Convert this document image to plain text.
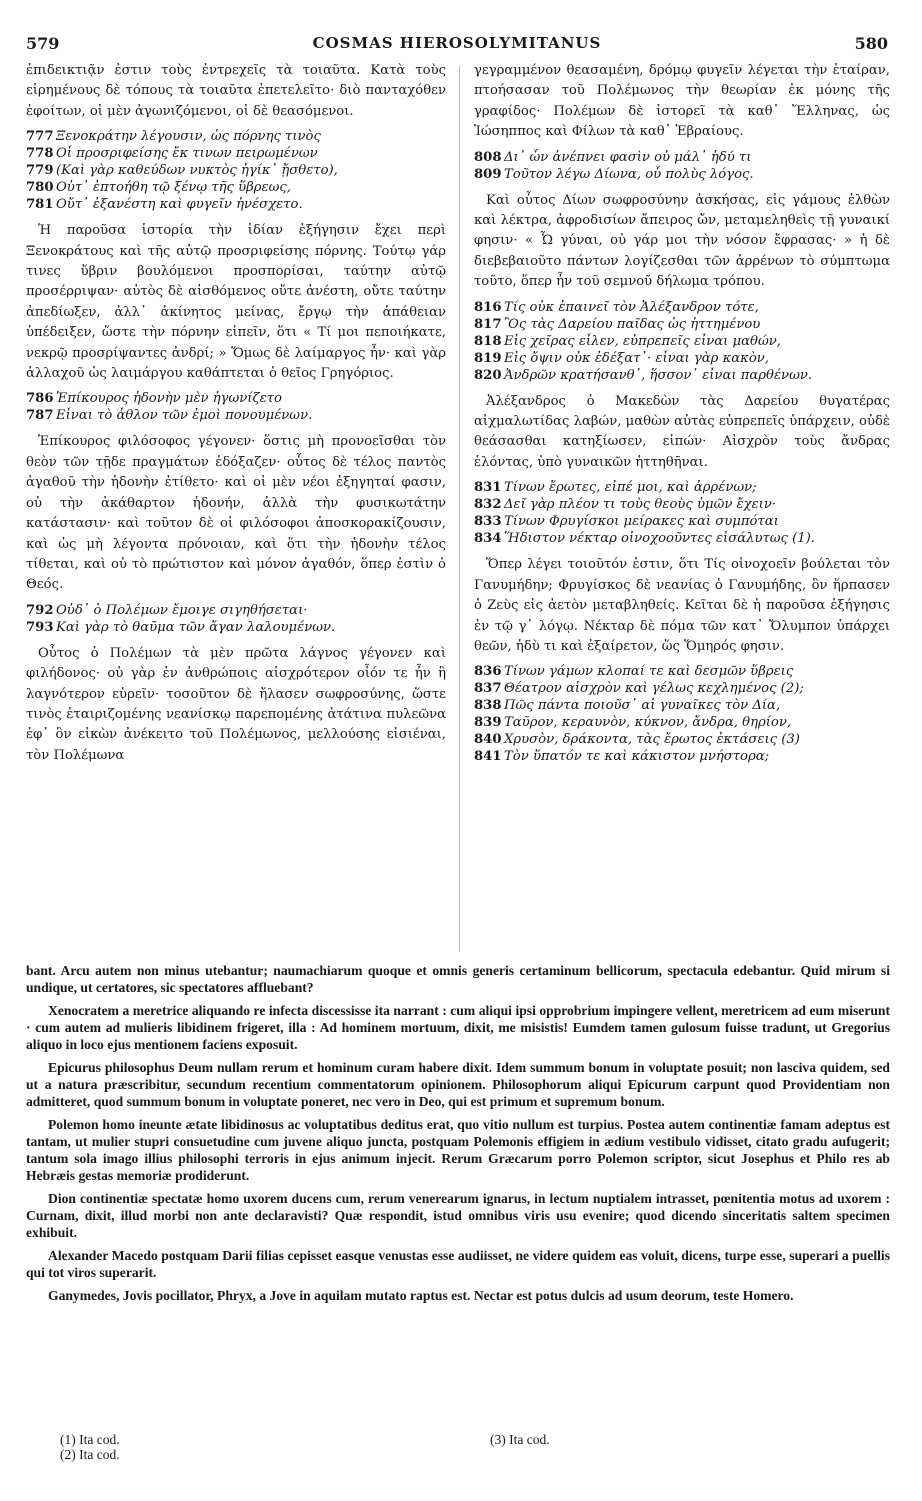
579	COSMAS HIEROSOLYMITANUS	580

ἐπιδεικτιᾷν ἐστιν τοὺς ἐντρεχεῖς τὰ τοιαῦτα. Κατὰ τοὺς εἰρημένους δὲ τόπους τὰ τοιαῦτα ἐπετελεῖτο· διὸ πανταχόθεν ἐφοίτων, οἱ μὲν ἀγωνιζόμενοι, οἱ δὲ θεασόμενοι.

777 Ξενοκράτην λέγουσιν, ὡς πόρνης τινὸς
778 Οἷ προσριφείσης ἔκ τινων πειρωμένων
779 (Καὶ γὰρ καθεύδων νυκτὸς ἠγίκ᾿ ᾔσθετο),
780 Οὐτ᾿ ἐπτοήθη τῷ ξένῳ τῆς ὕβρεως,
781 Οὔτ᾿ ἐξανέστη καὶ φυγεῖν ἠνέσχετο.

Ἡ παροῦσα ἱστορία τὴν ἰδίαν ἐξήγησιν ἔχει περὶ Ξενοκράτους καὶ τῆς αὐτῷ προσριφείσης πόρνης. Τούτῳ γάρ τινες ὕβριν βουλόμενοι προσπορίσαι, ταύτην αὐτῷ προσέρριψαν· αὐτὸς δὲ αἰσθόμενος οὔτε ἀνέστη, οὔτε ταύτην ἀπεδίωξεν, ἀλλ᾿ ἀκίνητος μείνας, ἔργῳ τὴν ἀπάθειαν ὑπέδειξεν, ὥστε τὴν πόρνην εἰπεῖν, ὅτι « Τί μοι πεποιήκατε, νεκρῷ προσρίψαντες ἀνδρί; » Ὅμως δὲ λαίμαργος ἦν· καὶ γὰρ ἀλλαχοῦ ὡς λαιμάργου καθάπτεται ὁ θεῖος Γρηγόριος.

786 Ἐπίκουρος ἡδονὴν μὲν ἠγωνίζετο
787 Εἶναι τὸ ἆθλον τῶν ἐμοὶ πονουμένων.

Ἐπίκουρος φιλόσοφος γέγονεν· ὅστις μὴ προνοεῖσθαι τὸν θεὸν τῶν τῇδε πραγμάτων ἐδόξαζεν· οὗτος δὲ τέλος παντὸς ἀγαθοῦ τὴν ἡδονὴν ἐτίθετο· καὶ οἱ μὲν νέοι ἐξηγηταί φασιν, οὐ τὴν ἀκάθαρτον ἡδονήν, ἀλλὰ τὴν φυσικωτάτην κατάστασιν· καὶ τοῦτον δὲ οἱ φιλόσοφοι ἀποσκορακίζουσιν, καὶ ὡς μὴ λέγοντα πρόνοιαν, καὶ ὅτι τὴν ἡδονὴν τέλος τίθεται, καὶ οὐ τὸ πρώτιστον καὶ μόνον ἀγαθόν, ὅπερ ἐστὶν ὁ Θεός.

792 Οὐδ᾿ ὁ Πολέμων ἔμοιγε σιγηθήσεται·
793 Καὶ γὰρ τὸ θαῦμα τῶν ἄγαν λαλουμένων.

Οὗτος ὁ Πολέμων τὰ μὲν πρῶτα λάγνος γέγονεν καὶ φιλήδονος· οὐ γὰρ ἐν ἀνθρώποις αἰσχρότερον οἷόν τε ἦν ἢ λαγνότερον εὑρεῖν· τοσοῦτον δὲ ἤλασεν σωφροσύνης, ὥστε τινὸς ἑταιριζομένης νεανίσκῳ παρεπομένης ἀτάτινα πυλεῶνα ἐφ᾿ ὃν εἰκὼν ἀνέκειτο τοῦ Πολέμωνος, μελλούσης εἰσιέναι, τὸν Πολέμωνα

γεγραμμένον θεασαμένη, δρόμῳ φυγεῖν λέγεται τὴν ἑταίραν, πτοήσασαν τοῦ Πολέμωνος τὴν θεωρίαν ἐκ μόνης τῆς γραφίδος· Πολέμων δὲ ἱστορεῖ τὰ καθ᾿ Ἕλληνας, ὡς Ἰώσηππος καὶ Φίλων τὰ καθ᾿ Ἑβραίους.

808 Δι᾿ ὧν ἀνέπνει φασὶν οὐ μάλ᾿ ἡδύ τι
809 Τοῦτον λέγω Δίωνα, οὗ πολὺς λόγος.

Καὶ οὗτος Δίων σωφροσύνην ἀσκήσας, εἰς γάμους ἐλθὼν καὶ λέκτρα, ἀφροδισίων ἄπειρος ὤν, μεταμεληθεὶς τῇ γυναικί φησιν· « Ὦ γύναι, οὐ γάρ μοι τὴν νόσον ἔφρασας· » ἡ δὲ διεβεβαιοῦτο πάντων λογίζεσθαι τῶν ἀρρένων τὸ σύμπτωμα τοῦτο, ὅπερ ἦν τοῦ σεμνοῦ δήλωμα τρόπου.

816 Τίς οὐκ ἐπαινεῖ τὸν Ἀλέξανδρον τότε,
817 Ὃς τὰς Δαρείου παῖδας ὡς ἡττημένου
818 Εἰς χεῖρας εἶλεν, εὐπρεπεῖς εἶναι μαθών,
819 Εἰς ὄψιν οὐκ ἐδέξατ᾿· εἶναι γὰρ κακὸν,
820 Ἀνδρῶν κρατήσανθ᾿, ἥσσον᾿ εἶναι παρθένων.

Ἀλέξανδρος ὁ Μακεδὼν τὰς Δαρείου θυγατέρας αἰχμαλωτίδας λαβών, μαθὼν αὐτὰς εὐπρεπεῖς ὑπάρχειν, οὐδὲ θεάσασθαι κατηξίωσεν, εἰπών· Αἰσχρὸν τοὺς ἄνδρας ἑλόντας, ὑπὸ γυναικῶν ἡττηθῆναι.

831 Τίνων ἔρωτες, εἰπέ μοι, καὶ ἀρρένων;
832 Δεῖ γὰρ πλέον τι τοὺς θεοὺς ὑμῶν ἔχειν·
833 Τίνων Φρυγίσκοι μείρακες καὶ συμπόται
834 Ἥδιστον νέκταρ οἰνοχοοῦντες εἰσάλυτως (1).

Ὅπερ λέγει τοιοῦτόν ἐστιν, ὅτι Τίς οἰνοχοεῖν βούλεται τὸν Γανυμήδην; Φρυγίσκος δὲ νεανίας ὁ Γανυμήδης, ὃν ἥρπασεν ὁ Ζεὺς εἰς ἀετὸν μεταβληθείς. Κεῖται δὲ ἡ παροῦσα ἐξήγησις ἐν τῷ γ᾿ λόγῳ. Νέκταρ δὲ πόμα τῶν κατ᾿ Ὄλυμπον ὑπάρχει θεῶν, ἡδὺ τι καὶ ἐξαίρετον, ὥς Ὅμηρός φησιν.

836 Τίνων γάμων κλοπαί τε καὶ δεσμῶν ὕβρεις
837 Θέατρον αἰσχρὸν καὶ γέλως κεχλημένος (2);
838 Πῶς πάντα ποιοῦσ᾿ αἱ γυναῖκες τὸν Δία,
839 Ταῦρον, κεραυνὸν, κύκνον, ἄνδρα, θηρίον,
840 Χρυσὸν, δράκοντα, τὰς ἔρωτος ἐκτάσεις (3)
841 Τὸν ὕπατόν τε καὶ κάκιστον μνήστορα;

bant. Arcu autem non minus utebantur; naumachiarum quoque et omnis generis certaminum bellicorum, spectacula edebantur. Quid mirum si undique, ut certatores, sic spectatores affluebant?

Xenocratem a meretrice aliquando re infecta discessisse ita narrant : cum aliqui ipsi opprobrium impingere vellent, meretricem ad eum miserunt · cum autem ad mulieris libidinem frigeret, illa : Ad hominem mortuum, dixit, me misistis! Eumdem tamen gulosum fuisse tradunt, ut Gregorius aliquo in loco ejus mentionem faciens exposuit.

Epicurus philosophus Deum nullam rerum et hominum curam habere dixit. Idem summum bonum in voluptate posuit; non lasciva quidem, sed ut a natura præscribitur, secundum recentium commentatorum opinionem. Philosophorum aliqui Epicurum carpunt quod Providentiam non admitteret, quod summum bonum in voluptate poneret, nec vero in Deo, qui est primum et supremum bonum.

Polemon homo ineunte ætate libidinosus ac voluptatibus deditus erat, quo vitio nullum est turpius. Postea autem continentiæ famam adeptus est tantam, ut mulier stupri consuetudine cum juvene aliquo juncta, postquam Polemonis effigiem in ædium vestibulo vidisset, citato gradu aufugerit; tantum sola imago illius philosophi terroris in ejus animum injecit. Rerum Græcarum porro Polemon scriptor, sicut Josephus et Philo res ab Hebræis gestas memoriæ prodiderunt.

Dion continentiæ spectatæ homo uxorem ducens cum, rerum venerearum ignarus, in lectum nuptialem intrasset, pœnitentia motus ad uxorem : Curnam, dixit, illud morbi non ante declaravisti? Quæ respondit, istud omnibus viris usu evenire; quod dicendo sinceritatis saltem specimen exhibuit.

Alexander Macedo postquam Darii filias cepisset easque venustas esse audiisset, ne videre quidem eas voluit, dicens, turpe esse, superari a puellis qui tot viros superarit.

Ganymedes, Jovis pocillator, Phryx, a Jove in aquilam mutato raptus est. Nectar est potus dulcis ad usum deorum, teste Homero.

(1) Ita cod.
(2) Ita cod.
(3) Ita cod.
